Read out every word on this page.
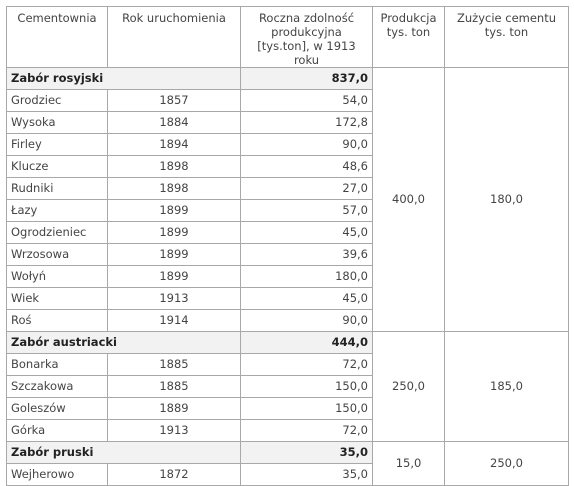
Cementownia	Rok uruchomienia	Roczna zdolność produkcyjna [tys.ton], w 1913 roku	Produkcja tys. ton	Zużycie cementu tys. ton
Zabór rosyjski		837,0	400,0	180,0
Grodziec	1857	54,0		
Wysoka	1884	172,8		
Firley	1894	90,0		
Klucze	1898	48,6		
Rudniki	1898	27,0		
Łazy	1899	57,0		
Ogrodzieniec	1899	45,0		
Wrzosowa	1899	39,6		
Wołyń	1899	180,0		
Wiek	1913	45,0		
Roś	1914	90,0		
Zabór austriacki		444,0	250,0	185,0
Bonarka	1885	72,0		
Szczakowa	1885	150,0		
Goleszów	1889	150,0		
Górka	1913	72,0		
Zabór pruski		35,0	15,0	250,0
Wejherowo	1872	35,0		
